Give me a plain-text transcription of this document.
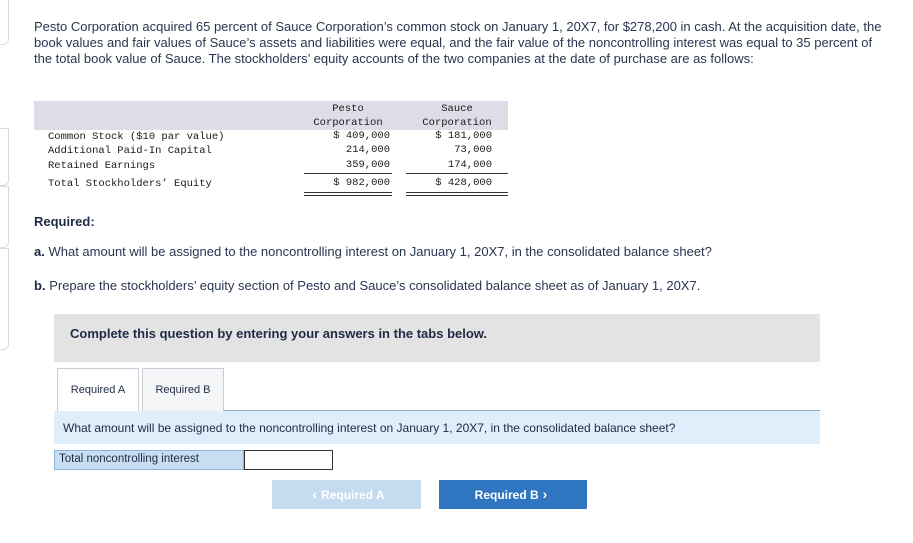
Pesto Corporation acquired 65 percent of Sauce Corporation’s common stock on January 1, 20X7, for $278,200 in cash. At the acquisition date, the book values and fair values of Sauce’s assets and liabilities were equal, and the fair value of the noncontrolling interest was equal to 35 percent of the total book value of Sauce. The stockholders’ equity accounts of the two companies at the date of purchase are as follows:
Pesto
Corporation
Sauce
Corporation
Common Stock ($10 par value)	$ 409,000	$ 181,000
Additional Paid-In Capital	214,000	73,000
Retained Earnings	359,000	174,000
Total Stockholders’ Equity	$ 982,000	$ 428,000
Required:
a. What amount will be assigned to the noncontrolling interest on January 1, 20X7, in the consolidated balance sheet?
b. Prepare the stockholders’ equity section of Pesto and Sauce’s consolidated balance sheet as of January 1, 20X7.
Complete this question by entering your answers in the tabs below.
Required A	Required B
What amount will be assigned to the noncontrolling interest on January 1, 20X7, in the consolidated balance sheet?
Total noncontrolling interest
‹ Required A	Required B ›
